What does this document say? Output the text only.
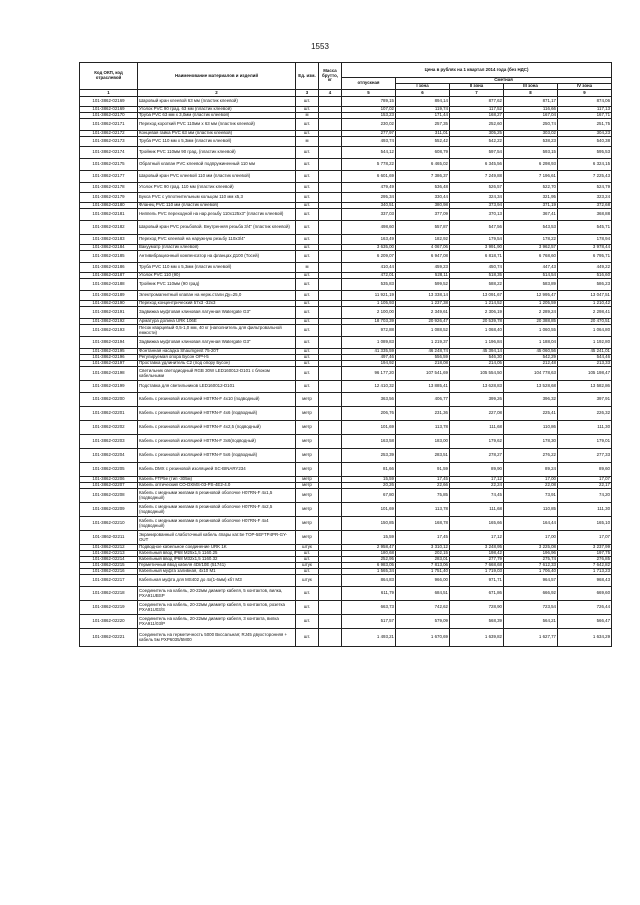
1553
Код ОКП, код отраслевой	Наименование материалов и изделий	Ед. изм.	Масса брутто, кг	Цена в рублях на 1 квартал 2014 года (без НДС)				
				отпускная	Сметная			
					I зона	II зона	III зона	IV зона
1	2	3	4	5	6	7	8	9
101-3862-02169	Шаровый кран клеевой 63 мм (пластик клеевой)	шт.		789,15	894,14	877,62	871,17	874,06
101-3862-02169	Уголок PVC 90 град. 63 мм (пластик клеевой)	шт.		107,02	119,74	117,52	116,66	117,13
101-3862-02170	Труба PVC 63 мм x 3,0мм (пластик клеевой)	м		153,23	171,44	168,27	167,04	167,71
101-3862-02171	Переход короткий PVC 110мм x 63 мм (пластик клеевой)	шт.		230,02	257,35	252,60	250,74	251,75
101-3862-02172	Концевая гайка PVC 63 мм (пластик клеевой)	шт.		277,97	311,01	305,25	303,02	304,23
101-3862-02173	Труба PVC 110 мм x 5,3мм (пластик клеевой)	м		493,74	552,42	542,22	538,23	540,38
101-3862-02174	Тройник PVC 110мм 90 град. (пластик клеевой)	шт.		544,12	608,79	597,54	593,15	595,53
101-3862-02175	Обратный клапан PVC клеевой подпружиненный 110 мм	шт.		5 778,22	6 465,02	6 345,56	6 298,93	6 324,15
101-3862-02177	Шаровый кран PVC клеевой 110 мм (пластик клеевой)	шт.		6 601,69	7 386,37	7 249,88	7 196,61	7 225,43
101-3862-02178	Уголок PVC 90 град. 110 мм (пластик клеевой)	шт.		479,49	536,48	526,57	522,70	524,79
101-3862-02179	Букса PVC с уплотнительным кольцом 110 мм x5,3	шт.		295,34	330,44	324,34	321,95	323,24
101-3862-02180	Фланец PVC 110 мм (пластик клеевой)	шт.		340,51	380,98	373,94	371,19	372,68
101-3862-02181	Ниппель PVC переходной на нар.резьбу 110x125x3" (пластик клеевой)	шт.		337,03	377,09	370,13	367,41	368,88
101-3862-02182	Шаровый кран PVC резьбовой. Внутренняя резьба 3/4" (пластик клеевой)	шт.		498,60	557,87	547,56	543,53	545,71
101-3862-02183	Переход PVC клеевой на наружную резьбу 110x3/4"	шт.		163,49	182,92	179,54	178,22	178,94
101-3862-02184	Вакууматр (пластик клеевой)	шт.		3 635,00	4 067,06	3 991,90	3 962,57	3 978,44
101-3862-02185	Антивибрационный компенсатор на фланцах Д100 (Тосей)	шт.		6 209,07	6 947,08	6 818,71	6 768,60	6 795,71
101-3862-02186	Труба PVC 110 мм x 5,3мм (пластик клеевой)	м		410,44	459,23	450,74	447,43	449,22
101-3862-02187	Уголок PVC 110 (90)	шт.		472,01	528,11	518,35	514,54	516,60
101-3862-02188	Тройник PVC 110мм (90 град)	шт.		535,83	599,52	588,22	583,89	586,23
101-3862-02189	Электромагнитный клапан на нерж.стали Ду=25,0	шт.		11 921,19	13 338,14	13 091,67	12 995,47	13 047,51
101-3862-02190	Переход концентрический 57x3 -32x3	шт.		1 105,93	1 237,38	1 214,52	1 205,59	1 210,42
101-3862-02191	Задвижка муфтовая клиновая латунная Watergate G3"	шт.		2 100,00	2 349,61	2 306,19	2 289,24	2 298,41
101-3862-02192	Арматура долина URK 106E	шт.		18 703,39	20 926,47	20 539,78	20 388,85	20 470,51
101-3862-02193	Песок кварцевый 0,5-1,0 мм, 40 кг (наполнитель для фильтровальной емкости)	шт.		972,88	1 088,52	1 068,40	1 060,55	1 064,80
101-3862-02194	Задвижка муфтовая клиновая латунная Watergate G3"	шт.		1 089,83	1 219,37	1 196,84	1 188,04	1 192,80
101-3862-02195	Фонтанная насадка Shaumgeist 75-20T	шт.		41 335,59	46 248,74	45 394,14	45 060,56	45 241,01
101-3862-02196	Регулируемая опора Бусон ОРЧ-5	шт.		497,46	556,59	546,30	542,29	544,46
101-3862-02197	Проставка удлинитель C2 (под опору Бусон)	шт.		194,92	218,08	214,05	212,48	213,33
101-3862-02198	Светильник светодиодный RGB 30W LED160012-D101 c блоком кабельными	шт.		96 177,20	107 541,69	105 554,50	104 778,63	105 198,47
101-3862-02199	Подставка для светильников LED160012-D101	шт.		12 410,32	13 885,41	13 628,83	13 528,68	13 582,86
101-3862-02200	Кабель с резиновой изоляцией H07RN-F 4x10 (подводный)	метр		363,56	406,77	399,26	396,32	397,91
101-3862-02201	Кабель с резиновой изоляцией H07RN-F 4x6 (подводный)	метр		206,76	231,36	227,08	225,41	226,32
101-3862-02202	Кабель с резиновой изоляцией H07RN-F 4x2,5 (подводный)	метр		101,69	113,78	111,68	110,86	111,30
101-3862-02203	Кабель с резиновой изоляцией H07RN-F 3x6(подводный)	метр		163,58	183,00	179,62	178,30	179,01
101-3862-02204	Кабель с резиновой изоляцией H07RN-F 5x6 (подводный)	метр		253,39	283,51	278,27	276,22	277,33
101-3862-02205	Кабель DMX с резиновой изоляцией SC-BINARY234	метр		81,66	91,59	89,90	89,24	89,60
101-3862-02206	Кабель FTP5e (тип -305м)	метр		15,59	17,45	17,12	17,00	17,07
101-3862-02207	Кабель оптический CO-DXMS-03-PS-4E2-4.0	метр		20,26	22,66	22,24	22,08	22,17
101-3862-02208	Кабель с медными жилами в резиновой оболочке H07RN-F 4x1,5 (подводный)	метр		67,80	75,85	74,45	73,91	74,20
101-3862-02209	Кабель с медными жилами в резиновой оболочке H07RN-F 4x2,5 (подводный)	метр		101,69	113,78	111,68	110,85	111,30
101-3862-02210	Кабель с медными жилами в резиновой оболочке H07RN-F 4x4 (подводный)	метр		150,85	168,78	165,66	164,44	165,10
101-3862-02211	Экранированный слаботочный кабель 4пары кат.5e TOP-5EFTP4PR-GY-OUT	метр		15,59	17,45	17,12	17,00	17,07
101-3862-02212	Подводное кабельное соединение URK 1K	штук		2 958,47	3 310,12	3 248,95	3 225,08	3 237,99
101-3862-02213	Кабельный ввод IP68 M25x1,5 1160.25	шт.		180,68	202,15	198,42	196,96	197,75
101-3862-02214	Кабельный ввод IP68 M32x1,5 1160.32	шт.		252,95	283,01	277,79	275,74	276,85
101-3862-02215	Герметичный ввод кабеля 4DI/10E (51741)	штук		6 983,05	7 813,06	7 668,68	7 612,33	7 642,82
101-3862-02216	Кабельный муфта заливная, 4x10 M1	шт.		1 565,34	1 751,40	1 719,03	1 706,40	1 713,23
101-3862-02217	Кабельная муфта для MS402 до 4x(1-6мм) кбт МЗ	штук		864,83	966,00	971,71	964,57	968,43
101-3862-02218	Соединитель на кабель, 20-22мм диаметр кабеля, 5 контактов, вилка, PXA91UBSP	шт.		611,79	684,51	671,86	666,92	669,60
101-3862-02219	Соединитель на кабель, 20-22мм диаметр кабеля, 5 контактов, розетка PXA91U03/S	шт.		663,73	742,62	728,90	723,54	726,44
101-3862-02220	Соединитель на кабель, 20-22мм диаметр кабеля, 3 контакта, вилка PXA911/03/P	шт.		517,57	579,09	568,39	564,21	566,47
101-3862-02221	Соединитель на герметичность 5000 Вкссальная; RJ45 двухсторонняя + кабель 5м PXP6035/5M00	шт.		1 493,21	1 670,69	1 639,82	1 627,77	1 634,29
